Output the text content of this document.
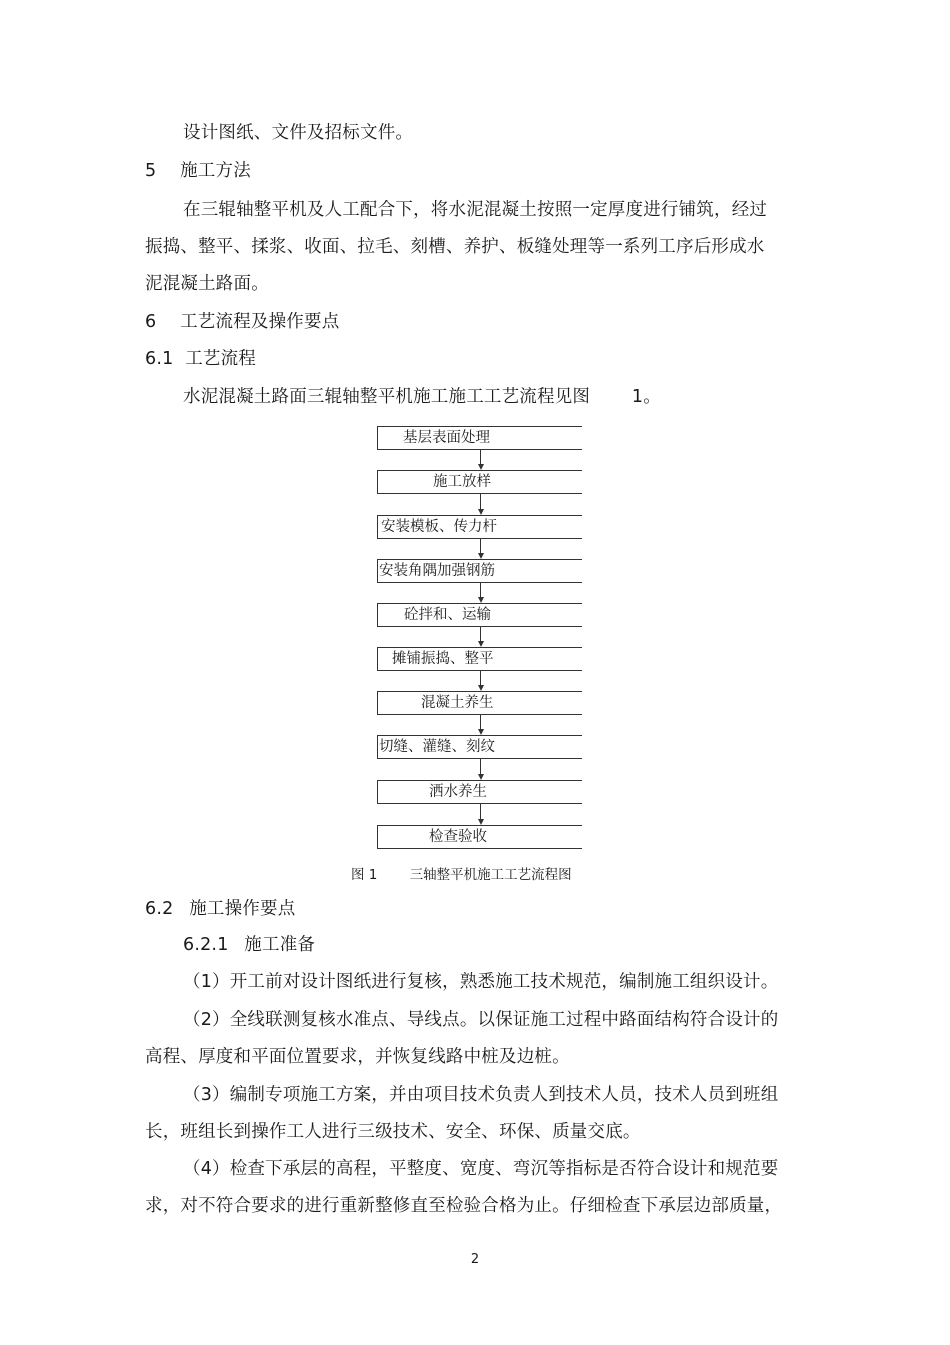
设计图纸、文件及招标文件。
5 施工方法
在三辊轴整平机及人工配合下，将水泥混凝土按照一定厚度进行铺筑，经过
振捣、整平、揉浆、收面、拉毛、刻槽、养护、板缝处理等一系列工序后形成水
泥混凝土路面。
6 工艺流程及操作要点
6.1 工艺流程
水泥混凝土路面三辊轴整平机施工施工工艺流程见图 1。
基层表面处理
施工放样
安装模板、传力杆
安装角隅加强钢筋
砼拌和、运输
摊铺振捣、整平
混凝土养生
切缝、灌缝、刻纹
洒水养生
检查验收
图 1 三轴整平机施工工艺流程图
6.2 施工操作要点
6.2.1 施工准备
（1）开工前对设计图纸进行复核，熟悉施工技术规范，编制施工组织设计。
（2）全线联测复核水准点、导线点。以保证施工过程中路面结构符合设计的
高程、厚度和平面位置要求，并恢复线路中桩及边桩。
（3）编制专项施工方案，并由项目技术负责人到技术人员，技术人员到班组
长，班组长到操作工人进行三级技术、安全、环保、质量交底。
（4）检查下承层的高程，平整度、宽度、弯沉等指标是否符合设计和规范要
求，对不符合要求的进行重新整修直至检验合格为止。仔细检查下承层边部质量，
2
